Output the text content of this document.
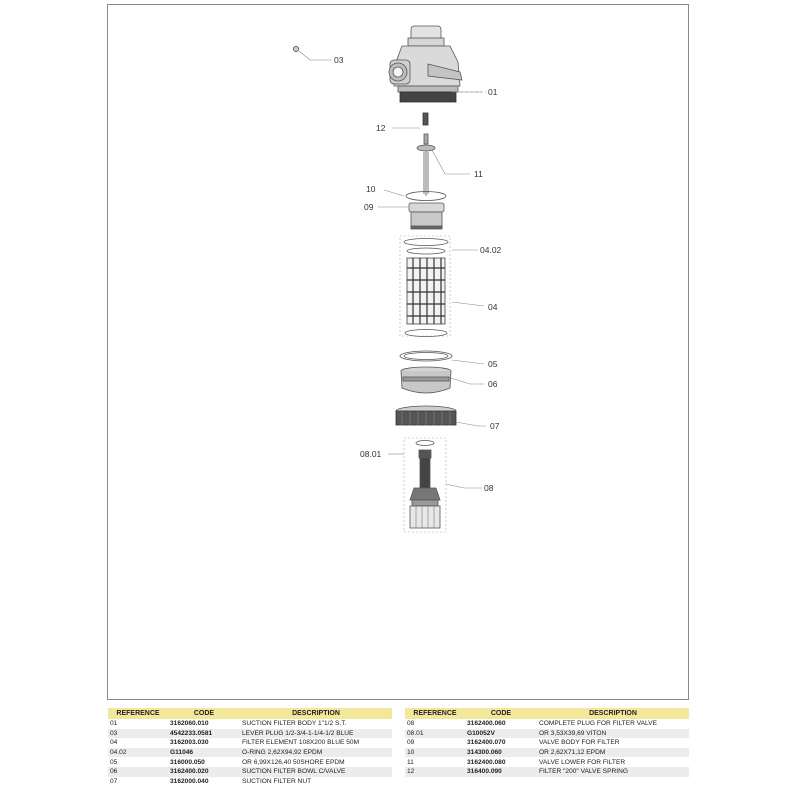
03
01
12
11
10
09
04.02
04
05
06
07
08.01
08
REFERENCE	CODE	DESCRIPTION
01	3162060.010	SUCTION FILTER BODY 1"1/2 S.T.
03	4542233.0581	LEVER PLUG 1/2-3/4-1-1/4-1/2 BLUE
04	3162003.030	FILTER ELEMENT 108X200 BLUE 50M
04.02	G11046	O-RING 2,62X94,92 EPDM
05	316000.050	OR 6,99X126,40 50SHORE EPDM
06	3162400.020	SUCTION FILTER BOWL C/VALVE
07	3162000.040	SUCTION FILTER NUT
REFERENCE	CODE	DESCRIPTION
08	3162400.060	COMPLETE PLUG FOR FILTER VALVE
08.01	G10052V	OR 3,53X39,69 VITON
09	3162400.070	VALVE BODY FOR FILTER
10	314300.060	OR 2,62X71,12 EPDM
11	3162400.080	VALVE LOWER FOR FILTER
12	316400.090	FILTER "200" VALVE SPRING
